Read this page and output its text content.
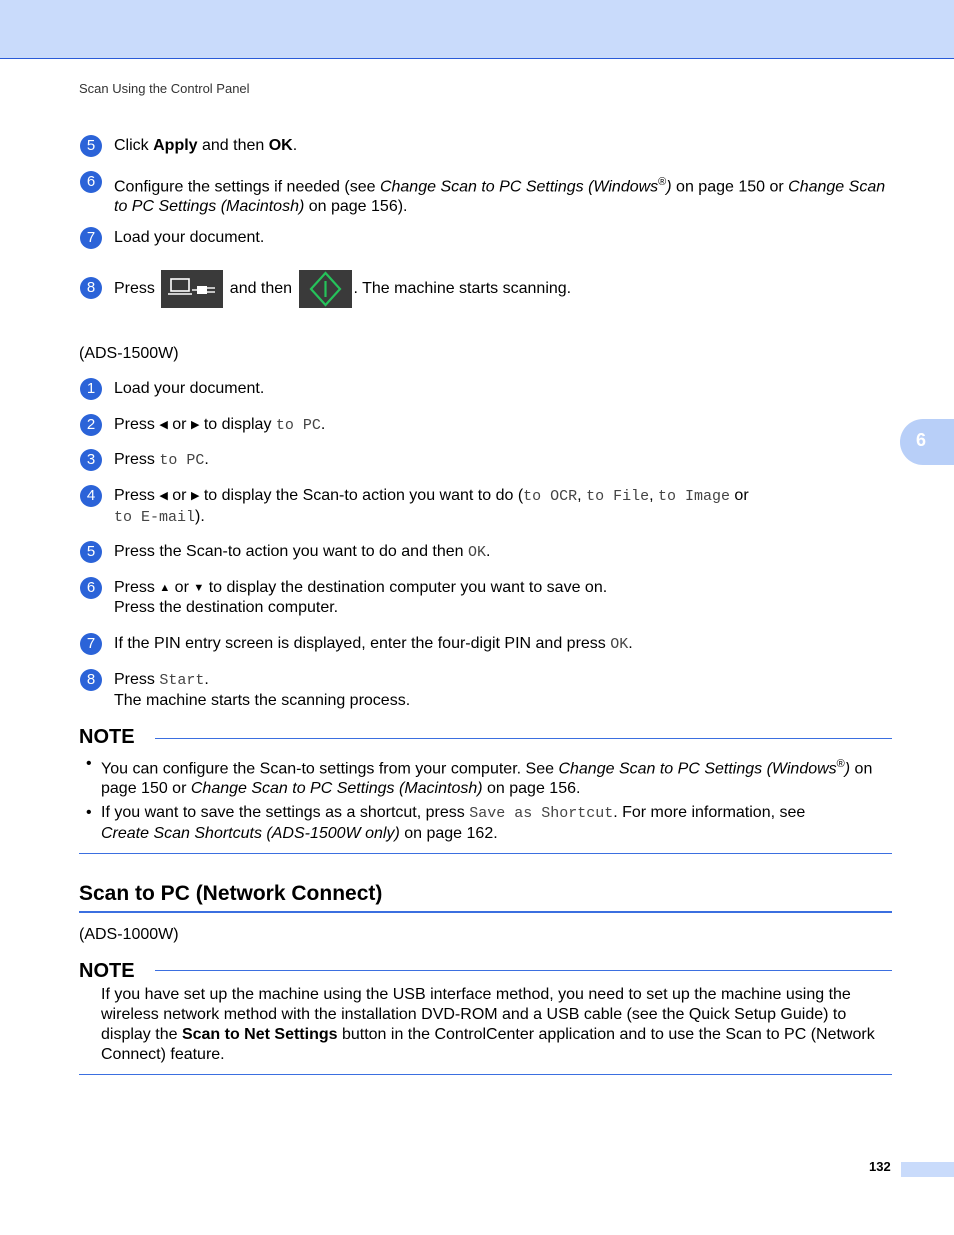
Scan Using the Control Panel
6
5	Click Apply and then OK.
6	Configure the settings if needed (see Change Scan to PC Settings (Windows®) on page 150 or Change Scan to PC Settings (Macintosh) on page 156).
7	Load your document.
8	Press	and then	. The machine starts scanning.
(ADS-1500W)
1	Load your document.
2	Press ◀ or ▶ to display to PC.
3	Press to PC.
4	Press ◀ or ▶ to display the Scan-to action you want to do (to OCR, to File, to Image or
to E-mail).
5	Press the Scan-to action you want to do and then OK.
6	Press ▲ or ▼ to display the destination computer you want to save on.
Press the destination computer.
7	If the PIN entry screen is displayed, enter the four-digit PIN and press OK.
8	Press Start.
The machine starts the scanning process.
NOTE
• You can configure the Scan-to settings from your computer. See Change Scan to PC Settings (Windows®) on page 150 or Change Scan to PC Settings (Macintosh) on page 156.
• If you want to save the settings as a shortcut, press Save as Shortcut. For more information, see
Create Scan Shortcuts (ADS-1500W only) on page 162.
Scan to PC (Network Connect)
(ADS-1000W)
NOTE
If you have set up the machine using the USB interface method, you need to set up the machine using the wireless network method with the installation DVD-ROM and a USB cable (see the Quick Setup Guide) to display the Scan to Net Settings button in the ControlCenter application and to use the Scan to PC (Network Connect) feature.
132
